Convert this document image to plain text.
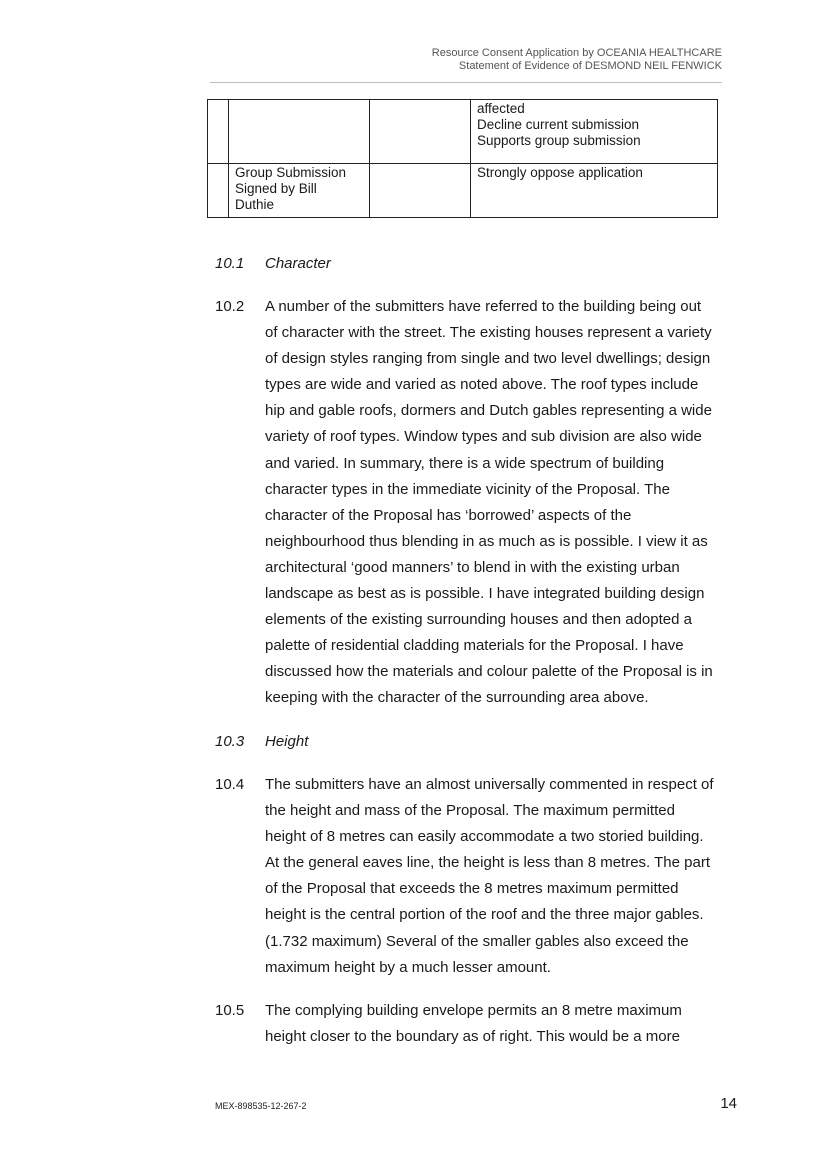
Resource Consent Application by OCEANIA HEALTHCARE
Statement of Evidence of DESMOND NEIL FENWICK

			affected
Decline current submission
Supports group submission

	Group Submission
Signed by Bill
Duthie		Strongly oppose application
10.1	Character
10.2	A number of the submitters have referred to the building being out
of character with the street. The existing houses represent a variety
of design styles ranging from single and two level dwellings; design
types are wide and varied as noted above. The roof types include
hip and gable roofs, dormers and Dutch gables representing a wide
variety of roof types. Window types and sub division are also wide
and varied. In summary, there is a wide spectrum of building
character types in the immediate vicinity of the Proposal. The
character of the Proposal has ‘borrowed’ aspects of the
neighbourhood thus blending in as much as is possible. I view it as
architectural ‘good manners’ to blend in with the existing urban
landscape as best as is possible. I have integrated building design
elements of the existing surrounding houses and then adopted a
palette of residential cladding materials for the Proposal. I have
discussed how the materials and colour palette of the Proposal is in
keeping with the character of the surrounding area above.
10.3	Height
10.4	The submitters have an almost universally commented in respect of
the height and mass of the Proposal. The maximum permitted
height of 8 metres can easily accommodate a two storied building.
At the general eaves line, the height is less than 8 metres. The part
of the Proposal that exceeds the 8 metres maximum permitted
height is the central portion of the roof and the three major gables.
(1.732 maximum) Several of the smaller gables also exceed the
maximum height by a much lesser amount.
10.5	The complying building envelope permits an 8 metre maximum
height closer to the boundary as of right. This would be a more
MEX-898535-12-267-2	14
